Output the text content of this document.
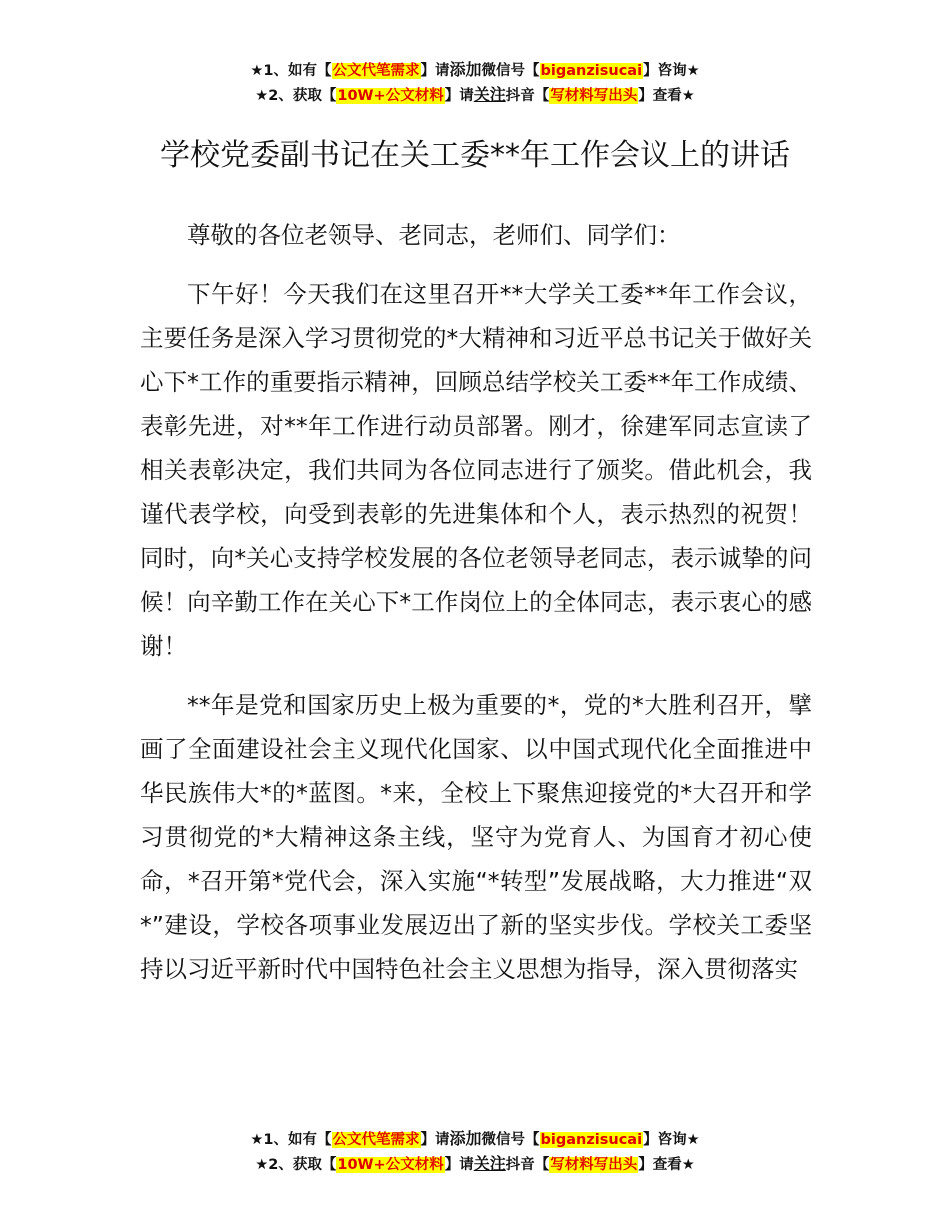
★1、如有【公文代笔需求】请添加微信号【biganzisucai】咨询★
★2、获取【10W+公文材料】请关注抖音【写材料写出头】查看★
学校党委副书记在关工委**年工作会议上的讲话

尊敬的各位老领导、老同志，老师们、同学们：

下午好！今天我们在这里召开**大学关工委**年工作会议，主要任务是深入学习贯彻党的*大精神和习近平总书记关于做好关心下*工作的重要指示精神，回顾总结学校关工委**年工作成绩、表彰先进，对**年工作进行动员部署。刚才，徐建军同志宣读了相关表彰决定，我们共同为各位同志进行了颁奖。借此机会，我谨代表学校，向受到表彰的先进集体和个人，表示热烈的祝贺！同时，向*关心支持学校发展的各位老领导老同志，表示诚挚的问候！向辛勤工作在关心下*工作岗位上的全体同志，表示衷心的感谢！

**年是党和国家历史上极为重要的*，党的*大胜利召开，擘画了全面建设社会主义现代化国家、以中国式现代化全面推进中华民族伟大*的*蓝图。*来，全校上下聚焦迎接党的*大召开和学习贯彻党的*大精神这条主线，坚守为党育人、为国育才初心使命，*召开第*党代会，深入实施“*转型”发展战略，大力推进“双*”建设，学校各项事业发展迈出了新的坚实步伐。学校关工委坚持以习近平新时代中国特色社会主义思想为指导，深入贯彻落实

★1、如有【公文代笔需求】请添加微信号【biganzisucai】咨询★
★2、获取【10W+公文材料】请关注抖音【写材料写出头】查看★
